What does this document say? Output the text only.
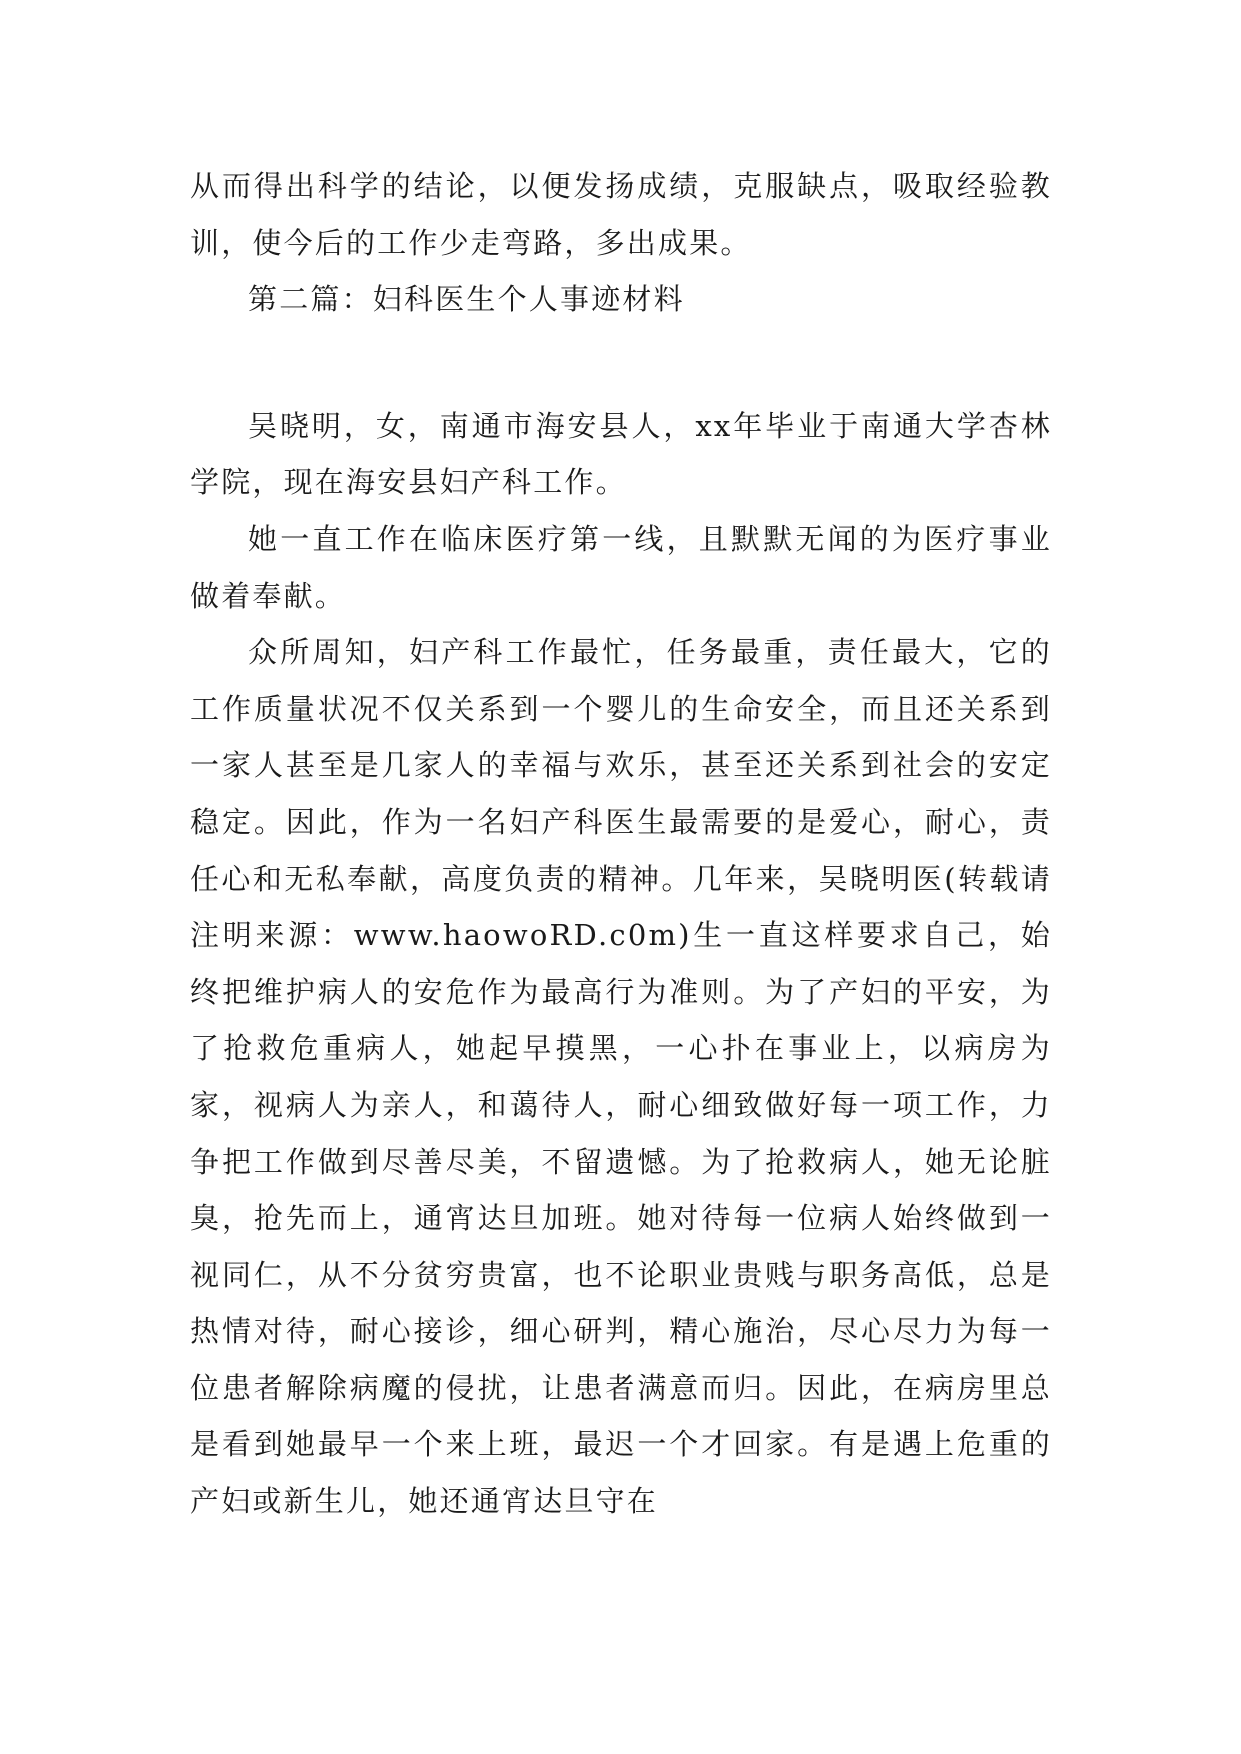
从而得出科学的结论，以便发扬成绩，克服缺点，吸取经验教训，使今后的工作少走弯路，多出成果。

第二篇：妇科医生个人事迹材料

吴晓明，女，南通市海安县人，xx年毕业于南通大学杏林学院，现在海安县妇产科工作。

她一直工作在临床医疗第一线，且默默无闻的为医疗事业做着奉献。

众所周知，妇产科工作最忙，任务最重，责任最大，它的工作质量状况不仅关系到一个婴儿的生命安全，而且还关系到一家人甚至是几家人的幸福与欢乐，甚至还关系到社会的安定稳定。因此，作为一名妇产科医生最需要的是爱心，耐心，责任心和无私奉献，高度负责的精神。几年来，吴晓明医(转载请注明来源：www.haowoRD.c0m)生一直这样要求自己，始终把维护病人的安危作为最高行为准则。为了产妇的平安，为了抢救危重病人，她起早摸黑，一心扑在事业上，以病房为家，视病人为亲人，和蔼待人，耐心细致做好每一项工作，力争把工作做到尽善尽美，不留遗憾。为了抢救病人，她无论脏臭，抢先而上，通宵达旦加班。她对待每一位病人始终做到一视同仁，从不分贫穷贵富，也不论职业贵贱与职务高低，总是热情对待，耐心接诊，细心研判，精心施治，尽心尽力为每一位患者解除病魔的侵扰，让患者满意而归。因此，在病房里总是看到她最早一个来上班，最迟一个才回家。有是遇上危重的产妇或新生儿，她还通宵达旦守在
